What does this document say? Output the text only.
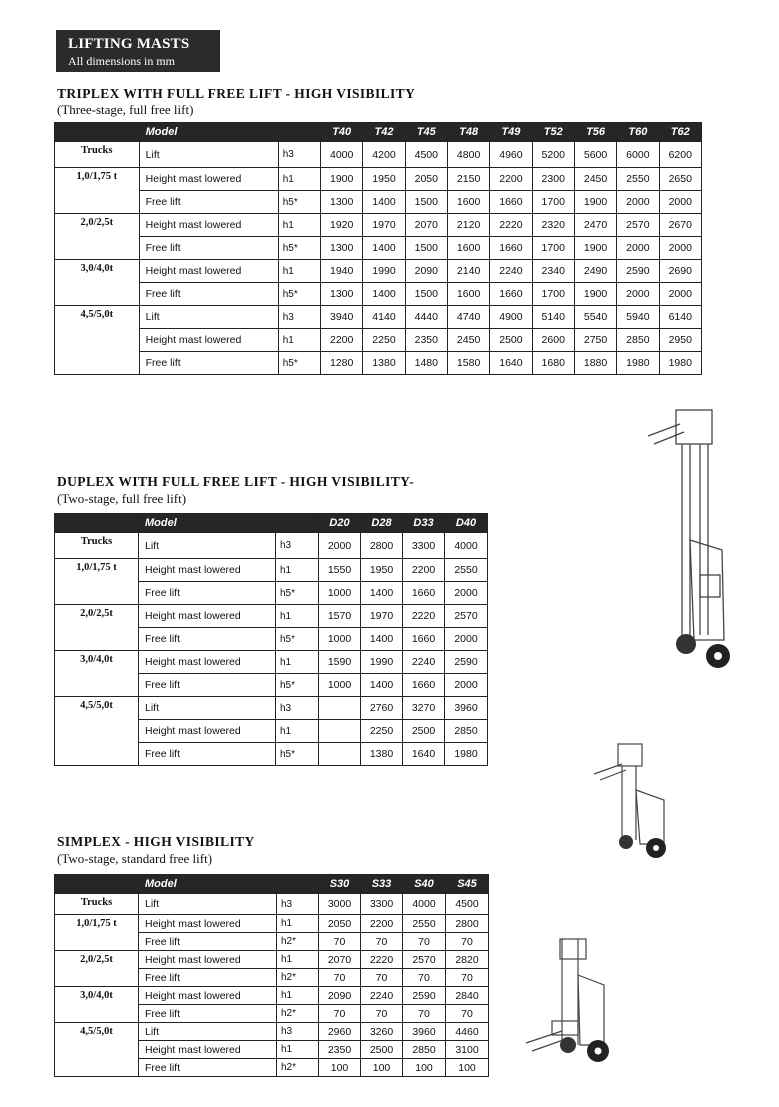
LIFTING MASTS
All dimensions in mm
TRIPLEX WITH FULL FREE LIFT - HIGH VISIBILITY
(Three-stage, full free lift)
	Model		T40	T42	T45	T48	T49	T52	T56	T60	T62
Trucks	Lift	h3	4000	4200	4500	4800	4960	5200	5600	6000	6200
1,0/1,75 t	Height mast lowered	h1	1900	1950	2050	2150	2200	2300	2450	2550	2650
	Free lift	h5*	1300	1400	1500	1600	1660	1700	1900	2000	2000
2,0/2,5t	Height mast lowered	h1	1920	1970	2070	2120	2220	2320	2470	2570	2670
	Free lift	h5*	1300	1400	1500	1600	1660	1700	1900	2000	2000
3,0/4,0t	Height mast lowered	h1	1940	1990	2090	2140	2240	2340	2490	2590	2690
	Free lift	h5*	1300	1400	1500	1600	1660	1700	1900	2000	2000
4,5/5,0t	Lift	h3	3940	4140	4440	4740	4900	5140	5540	5940	6140
	Height mast lowered	h1	2200	2250	2350	2450	2500	2600	2750	2850	2950
	Free lift	h5*	1280	1380	1480	1580	1640	1680	1880	1980	1980
DUPLEX WITH FULL FREE LIFT - HIGH VISIBILITY-
(Two-stage, full free lift)
	Model		D20	D28	D33	D40
Trucks	Lift	h3	2000	2800	3300	4000
1,0/1,75 t	Height mast lowered	h1	1550	1950	2200	2550
	Free lift	h5*	1000	1400	1660	2000
2,0/2,5t	Height mast lowered	h1	1570	1970	2220	2570
	Free lift	h5*	1000	1400	1660	2000
3,0/4,0t	Height mast lowered	h1	1590	1990	2240	2590
	Free lift	h5*	1000	1400	1660	2000
4,5/5,0t	Lift	h3		2760	3270	3960
	Height mast lowered	h1		2250	2500	2850
	Free lift	h5*		1380	1640	1980
SIMPLEX - HIGH VISIBILITY
(Two-stage, standard free lift)
	Model		S30	S33	S40	S45
Trucks	Lift	h3	3000	3300	4000	4500
1,0/1,75 t	Height mast lowered	h1	2050	2200	2550	2800
	Free lift	h2*	70	70	70	70
2,0/2,5t	Height mast lowered	h1	2070	2220	2570	2820
	Free lift	h2*	70	70	70	70
3,0/4,0t	Height mast lowered	h1	2090	2240	2590	2840
	Free lift	h2*	70	70	70	70
4,5/5,0t	Lift	h3	2960	3260	3960	4460
	Height mast lowered	h1	2350	2500	2850	3100
	Free lift	h2*	100	100	100	100
